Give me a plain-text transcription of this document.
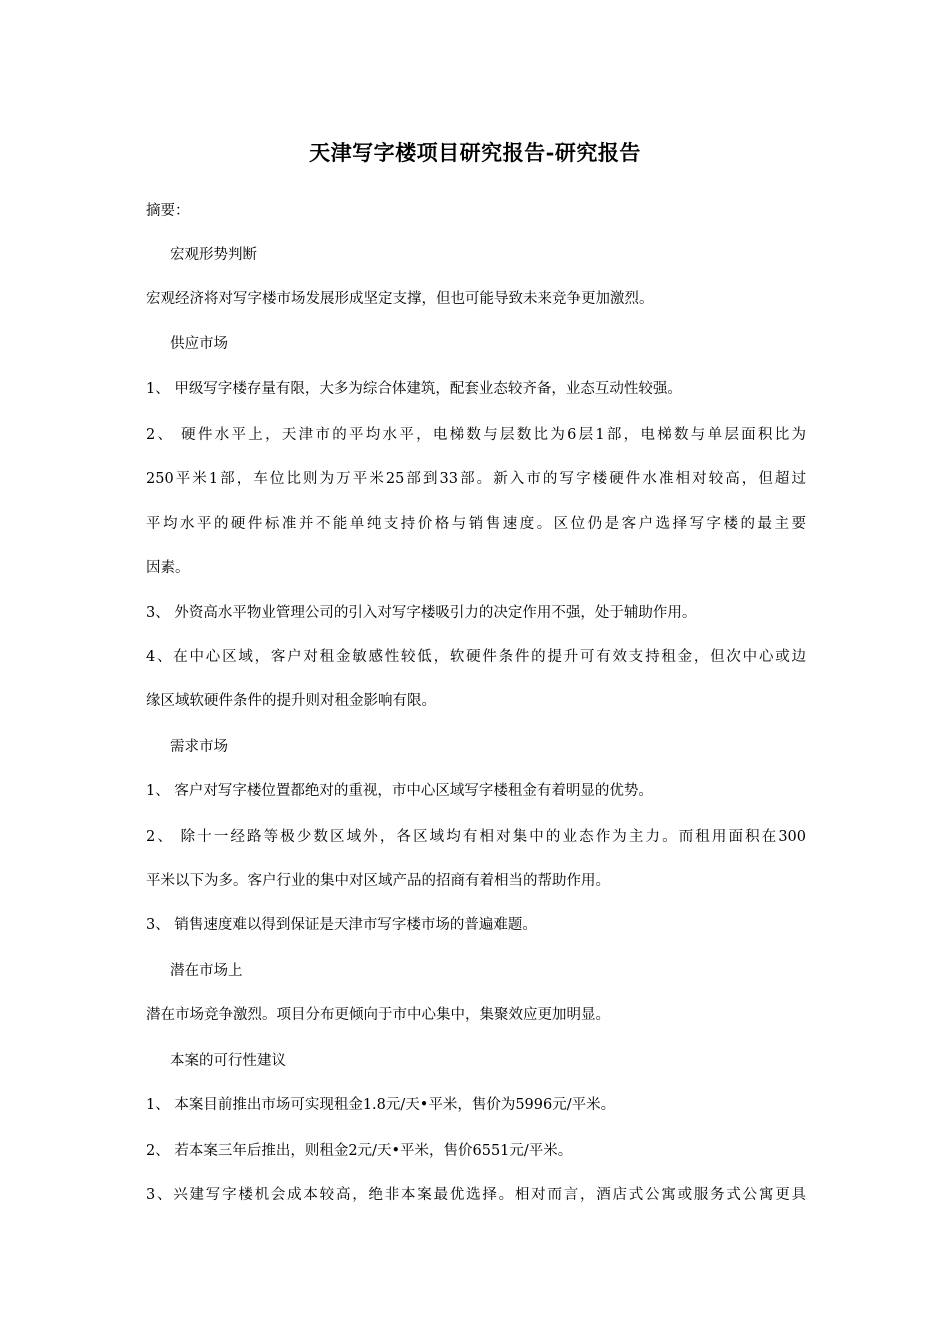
天津写字楼项目研究报告-研究报告
摘要：
宏观形势判断
宏观经济将对写字楼市场发展形成坚定支撑，但也可能导致未来竞争更加激烈。
供应市场
1、 甲级写字楼存量有限，大多为综合体建筑，配套业态较齐备，业态互动性较强。
2、 硬件水平上，天津市的平均水平，电梯数与层数比为6层1部，电梯数与单层面积比为
250平米1部，车位比则为万平米25部到33部。新入市的写字楼硬件水准相对较高，但超过
平均水平的硬件标准并不能单纯支持价格与销售速度。区位仍是客户选择写字楼的最主要
因素。
3、 外资高水平物业管理公司的引入对写字楼吸引力的决定作用不强，处于辅助作用。
4、在中心区域，客户对租金敏感性较低，软硬件条件的提升可有效支持租金，但次中心或边
缘区域软硬件条件的提升则对租金影响有限。
需求市场
1、 客户对写字楼位置都绝对的重视，市中心区域写字楼租金有着明显的优势。
2、 除十一经路等极少数区域外，各区域均有相对集中的业态作为主力。而租用面积在300
平米以下为多。客户行业的集中对区域产品的招商有着相当的帮助作用。
3、 销售速度难以得到保证是天津市写字楼市场的普遍难题。
潜在市场上
潜在市场竞争激烈。项目分布更倾向于市中心集中，集聚效应更加明显。
本案的可行性建议
1、 本案目前推出市场可实现租金1.8元/天•平米，售价为5996元/平米。
2、 若本案三年后推出，则租金2元/天•平米，售价6551元/平米。
3、兴建写字楼机会成本较高，绝非本案最优选择。相对而言，酒店式公寓或服务式公寓更具
